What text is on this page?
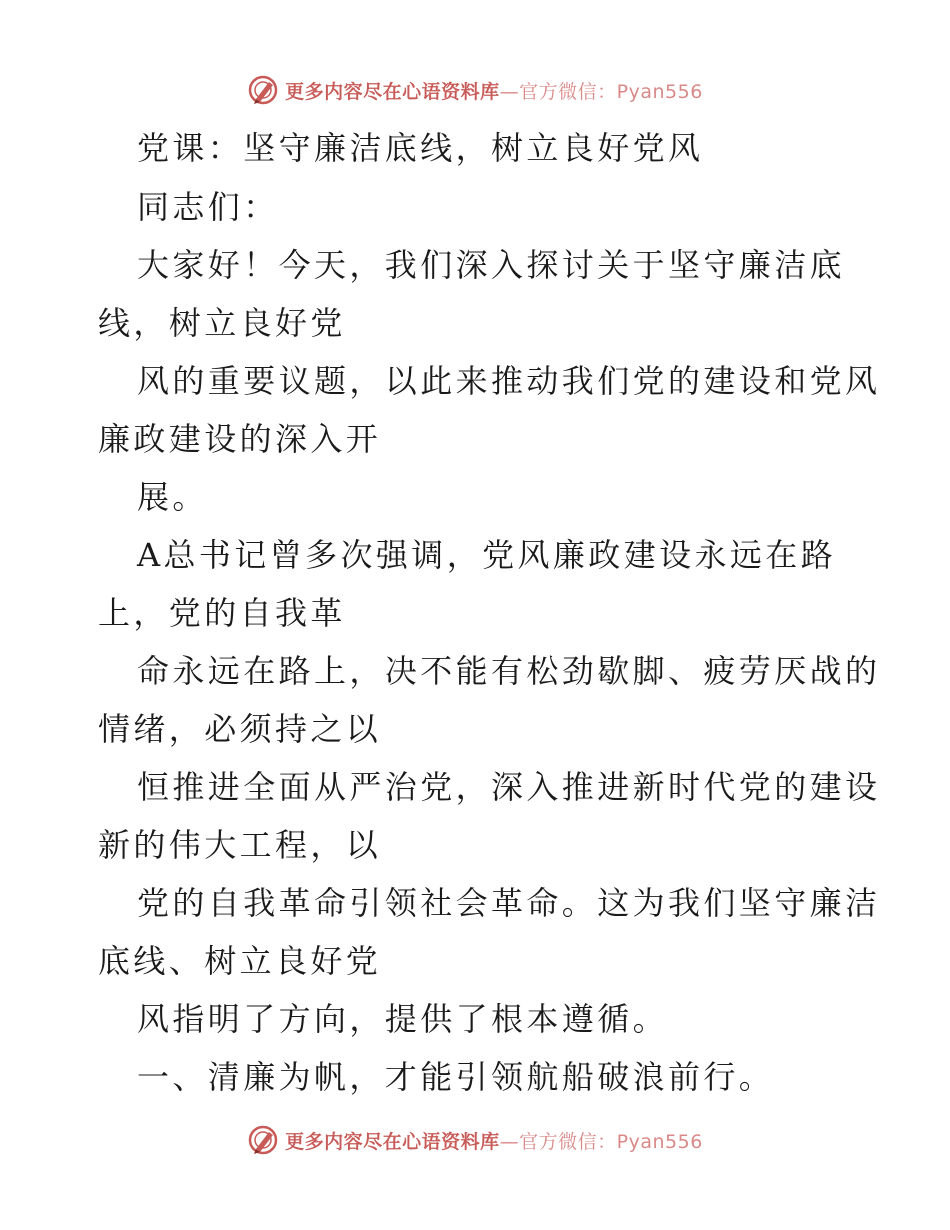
更多内容尽在心语资料库—官方微信：Pyan556
党课：坚守廉洁底线，树立良好党风
同志们：
大家好！今天，我们深入探讨关于坚守廉洁底
线，树立良好党
风的重要议题，以此来推动我们党的建设和党风
廉政建设的深入开
展。
A总书记曾多次强调，党风廉政建设永远在路
上，党的自我革
命永远在路上，决不能有松劲歇脚、疲劳厌战的
情绪，必须持之以
恒推进全面从严治党，深入推进新时代党的建设
新的伟大工程，以
党的自我革命引领社会革命。这为我们坚守廉洁
底线、树立良好党
风指明了方向，提供了根本遵循。
一、清廉为帆，才能引领航船破浪前行。
更多内容尽在心语资料库—官方微信：Pyan556
